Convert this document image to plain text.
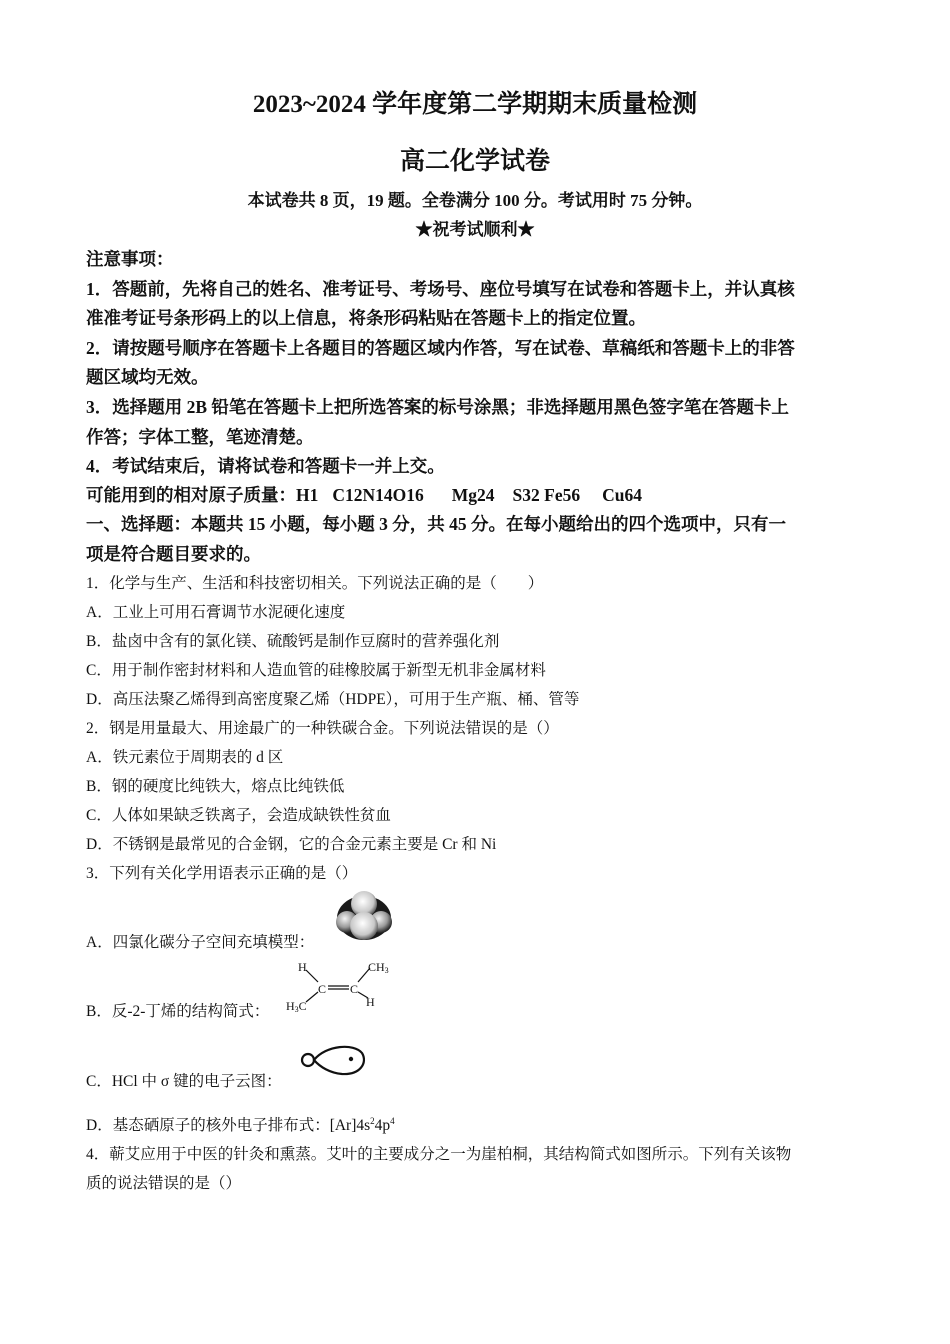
2023~2024 学年度第二学期期末质量检测
高二化学试卷
本试卷共 8 页，19 题。全卷满分 100 分。考试用时 75 分钟。
★祝考试顺利★
注意事项：
1．答题前，先将自己的姓名、准考证号、考场号、座位号填写在试卷和答题卡上，并认真核
准准考证号条形码上的以上信息，将条形码粘贴在答题卡上的指定位置。
2．请按题号顺序在答题卡上各题目的答题区域内作答，写在试卷、草稿纸和答题卡上的非答
题区域均无效。
3．选择题用 2B 铅笔在答题卡上把所选答案的标号涂黑；非选择题用黑色签字笔在答题卡上
作答；字体工整，笔迹清楚。
4．考试结束后，请将试卷和答题卡一并上交。
可能用到的相对原子质量：H1 C12N14O16 Mg24 S32 Fe56 Cu64
一、选择题：本题共 15 小题，每小题 3 分，共 45 分。在每小题给出的四个选项中，只有一
项是符合题目要求的。
1．化学与生产、生活和科技密切相关。下列说法正确的是（　　）
A．工业上可用石膏调节水泥硬化速度
B．盐卤中含有的氯化镁、硫酸钙是制作豆腐时的营养强化剂
C．用于制作密封材料和人造血管的硅橡胶属于新型无机非金属材料
D．高压法聚乙烯得到高密度聚乙烯（HDPE），可用于生产瓶、桶、管等
2．钢是用量最大、用途最广的一种铁碳合金。下列说法错误的是（）
A．铁元素位于周期表的 d 区
B．钢的硬度比纯铁大，熔点比纯铁低
C．人体如果缺乏铁离子，会造成缺铁性贫血
D．不锈钢是最常见的合金钢，它的合金元素主要是 Cr 和 Ni
3．下列有关化学用语表示正确的是（）
A．四氯化碳分子空间充填模型：
B．反-2-丁烯的结构简式：
H	CH3
H3C	H
C C
C．HCl 中 σ 键的电子云图：
D．基态硒原子的核外电子排布式：$[Ar]4s^24p^4$
4．蕲艾应用于中医的针灸和熏蒸。艾叶的主要成分之一为崖柏桐，其结构简式如图所示。下列有关该物
质的说法错误的是（）
